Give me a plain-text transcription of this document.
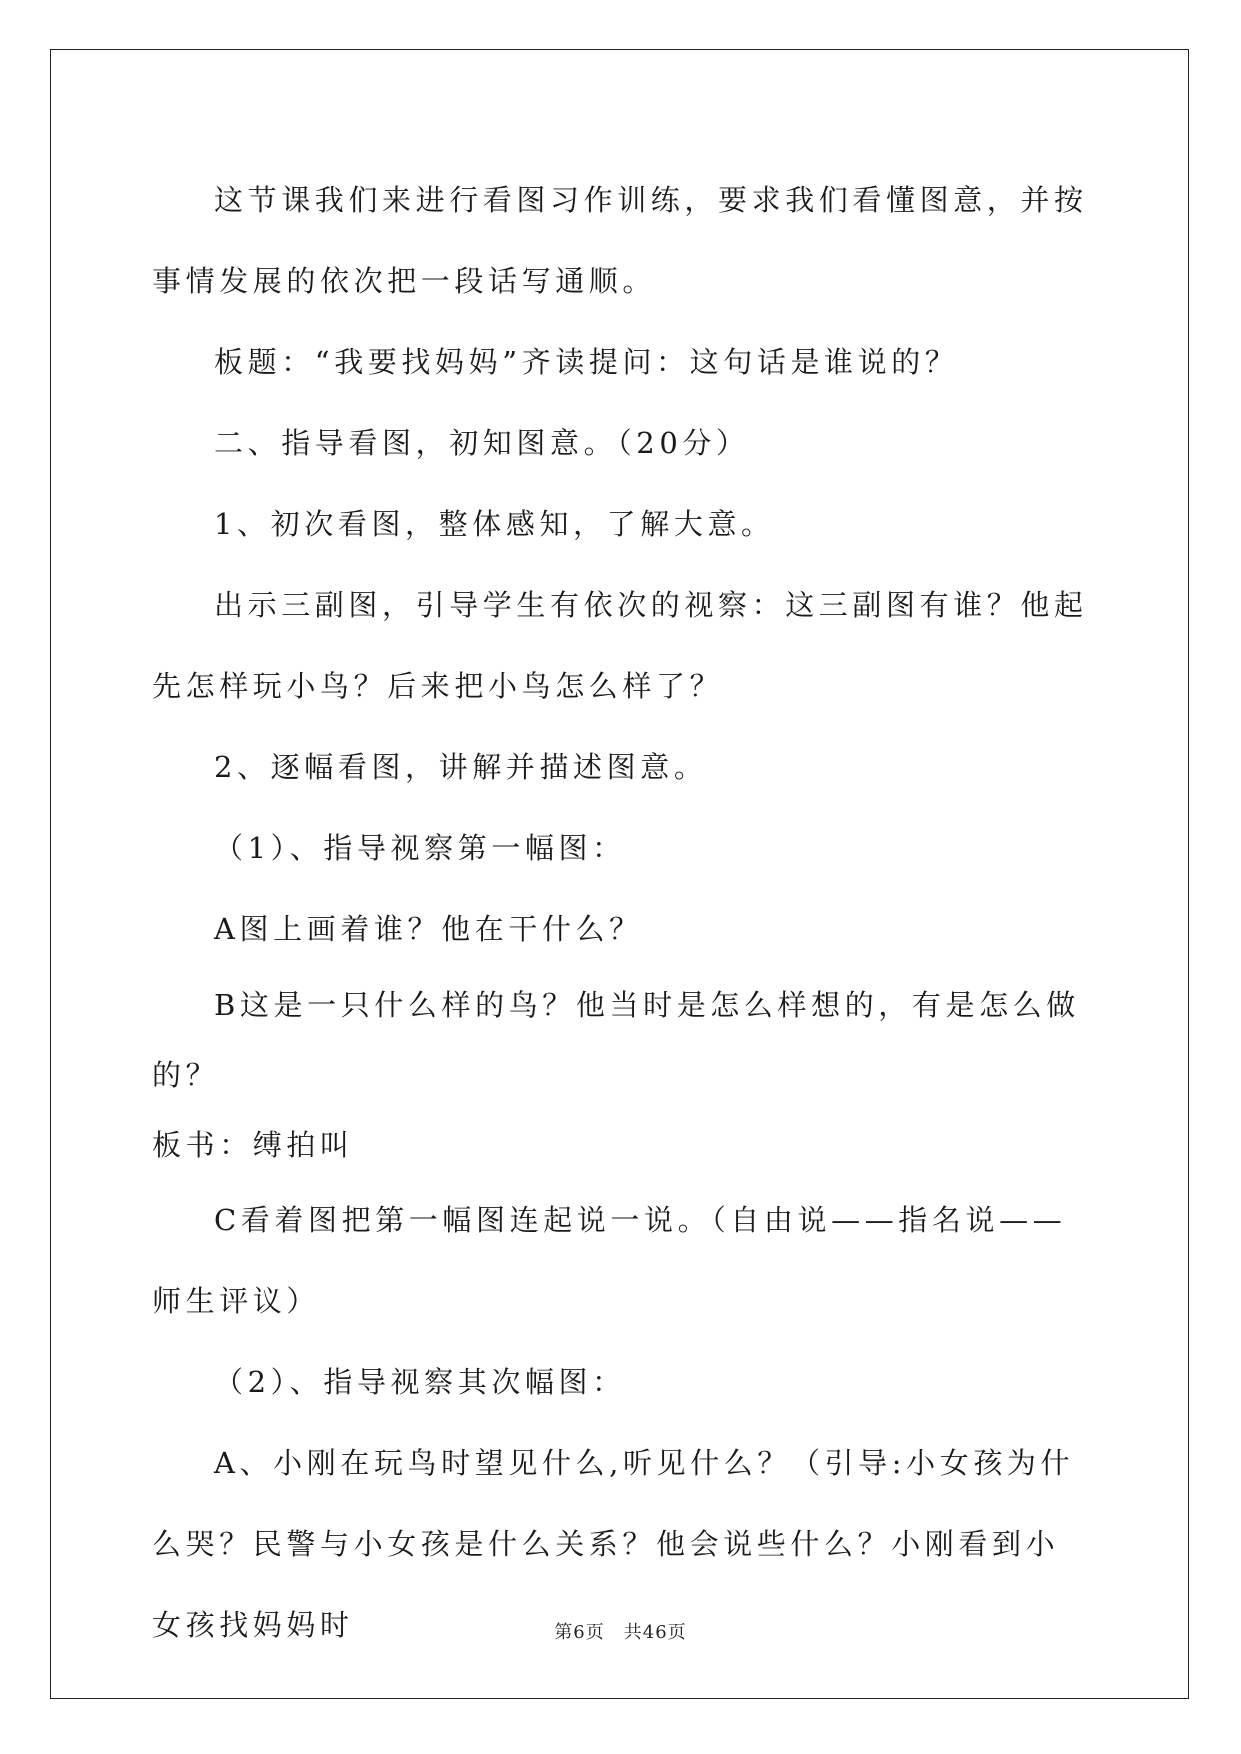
这节课我们来进行看图习作训练，要求我们看懂图意，并按事情发展的依次把一段话写通顺。

板题：“我要找妈妈”齐读提问：这句话是谁说的？

二、指导看图，初知图意。（20分）

1、初次看图，整体感知，了解大意。

出示三副图，引导学生有依次的视察：这三副图有谁？他起先怎样玩小鸟？后来把小鸟怎么样了？

2、逐幅看图，讲解并描述图意。

（1）、指导视察第一幅图：

A图上画着谁？他在干什么？

B这是一只什么样的鸟？他当时是怎么样想的，有是怎么做的？

板书：缚拍叫

C看着图把第一幅图连起说一说。（自由说——指名说——师生评议）

（2）、指导视察其次幅图：

A、小刚在玩鸟时望见什么,听见什么？（引导:小女孩为什么哭？民警与小女孩是什么关系？他会说些什么？小刚看到小女孩找妈妈时	第6页　共46页
